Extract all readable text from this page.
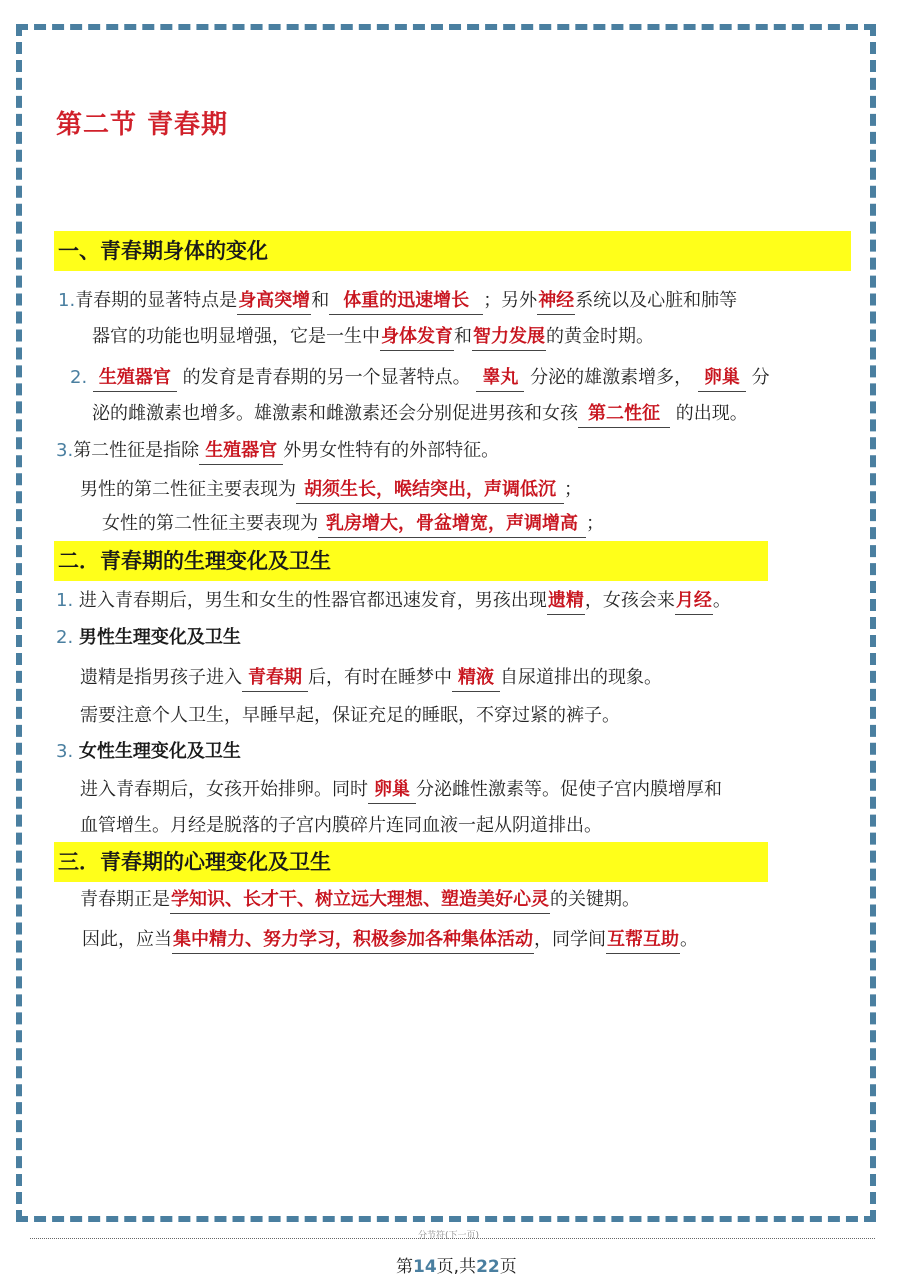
第二节 青春期
一、青春期身体的变化
1.青春期的显著特点是身高突增和 体重的迅速增长 ；另外神经系统以及心脏和肺等
器官的功能也明显增强，它是一生中身体发育和智力发展的黄金时期。
2. 生殖器官 的发育是青春期的另一个显著特点。 睾丸 分泌的雄激素增多， 卵巢 分
泌的雌激素也增多。雄激素和雌激素还会分别促进男孩和女孩 第二性征 的出现。
3.第二性征是指除 生殖器官 外男女性特有的外部特征。
男性的第二性征主要表现为 胡须生长，喉结突出，声调低沉 ；
女性的第二性征主要表现为 乳房增大，骨盆增宽，声调增高 ；
二．青春期的生理变化及卫生
1. 进入青春期后，男生和女生的性器官都迅速发育，男孩出现遗精，女孩会来月经。
2. 男性生理变化及卫生
遗精是指男孩子进入 青春期 后，有时在睡梦中 精液 自尿道排出的现象。
需要注意个人卫生，早睡早起，保证充足的睡眠，不穿过紧的裤子。
3. 女性生理变化及卫生
进入青春期后，女孩开始排卵。同时 卵巢 分泌雌性激素等。促使子宫内膜增厚和
血管增生。月经是脱落的子宫内膜碎片连同血液一起从阴道排出。
三．青春期的心理变化及卫生
青春期正是学知识、长才干、树立远大理想、塑造美好心灵的关键期。
因此，应当集中精力、努力学习，积极参加各种集体活动，同学间互帮互助。
分节符(下一页)
第14页,共22页
